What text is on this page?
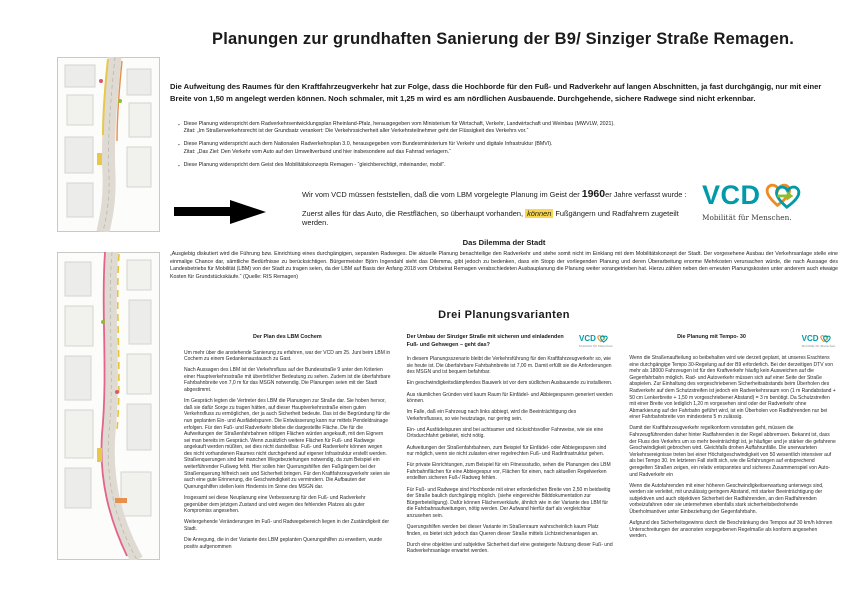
Planungen zur grundhaften Sanierung der B9/ Sinziger Straße Remagen.

Die Aufweitung des Raumes für den Kraftfahrzeugverkehr hat zur Folge, dass die Hochborde für den Fuß- und Radverkehr auf langen Abschnitten, ja fast durchgängig, nur mit einer Breite von 1,50 m angelegt werden können. Noch schmaler, mit 1,25 m wird es am nördlichen Ausbauende. Durchgehende, sichere Radwege sind nicht erkennbar.

▪ Diese Planung widerspricht dem Radverkehrsentwicklungsplan Rheinland-Pfalz, herausgegeben vom Ministerium für Wirtschaft, Verkehr, Landwirtschaft und Weinbau (MWVLW, 2021).
Zitat: „Im Straßenverkehrsrecht ist der Grundsatz verankert: Die Verkehrssicherheit aller Verkehrsteilnehmer geht der Flüssigkeit des Verkehrs vor.“
▪ Diese Planung widerspricht auch dem Nationalen Radverkehrsplan 3.0, herausgegeben vom Bundesministerium für Verkehr und digitale Infrastruktur (BMVI).
Zitat: „Das Ziel: Den Verkehr vom Auto auf den Umweltverbund und hier insbesondere auf das Fahrrad verlagern.“
▪ Diese Planung widerspricht dem Geist des Mobilitätskonzepts Remagen - “gleichberechtigt, miteinander, mobil”.
Wir vom VCD müssen feststellen, daß die vom LBM vorgelegte Planung im Geist der 1960er Jahre verfasst wurde :
Zuerst alles für das Auto, die Restflächen, so überhaupt vorhanden, können Fußgängern und Radfahrern zugeteilt werden.
VCD
Mobilität für Menschen.
Das Dilemma der Stadt

„Ausgiebig diskutiert wird die Führung bzw. Einrichtung eines durchgängigen, separaten Radweges. Die aktuelle Planung benachteilige den Radverkehr und stehe somit nicht im Einklang mit dem Mobilitätskonzept der Stadt. Der vorgesehene Ausbau der Verkehrsanlage stelle eine einmalige Chance dar, sämtliche Bedürfnisse zu berücksichtigen. Bürgermeister Björn Ingendahl sieht das Dilemma, gibt jedoch zu bedenken, dass ein Stopp der vorliegenden Planung und deren Überarbeitung enorme Mehrkosten verursachen würde, die nach Aussage des Landesbetriebs für Mobilität (LBM) von der Stadt zu tragen seien, da der LBM auf Basis der Anfang 2018 vom Ortsbeirat Remagen verabschiedeten Ausbauplanung die Planung weiter vorangetrieben hat. Hierzu zählen neben den erneuten Planungskosten unter anderem auch etwaige Kosten für Grundstückskäufe.“ (Quelle: RIS Remagen)

Drei Planungsvarianten
Der Plan des LBM Cochem

Um mehr über die anstehende Sanierung zu erfahren, war der VCD am 25. Juni beim LBM in Cochem zu einem Gedankenaustausch zu Gast.

Nach Aussagen des LBM ist der Verkehrsfluss auf der Bundesstraße 9 unter den Kriterien einer Hauptverkehrsstraße mit überörtlicher Bedeutung zu sehen. Zudem ist die überfahrbare Fahrbahnbreite von 7,0 m für das MSGN notwendig. Die Planungen seien mit der Stadt abgestimmt.

Im Gespräch legten die Vertreter des LBM die Planungen zur Straße dar. Sie hoben hervor, daß sie dafür Sorge zu tragen hätten, auf dieser Hauptverkehrsstraße einen guten Verkehrsfluss zu ermöglichen, der ja auch Sicherheit bedeute. Das ist die Begründung für die nun geplanten Ein- und Ausfädelspuren. Die Entwässerung kann nur mittels Pendeldrainage erfolgen. Für den Fuß- und Radverkehr bliebe die dargestellte Fläche. Die für die Aufweitungen der Straßenfahrbahnen nötigen Flächen würden angekauft, mit den Eignern sei man bereits im Gespräch. Wenn zusätzlich weitere Flächen für Fuß- und Radwege angekauft werden müßten, sei dies nicht darstellbar. Fuß- und Radverkehr können wegen des nicht vorhandenen Raumes nicht durchgehend auf eigener Infrastruktur erstellt werden. Straßenquerungen sind bei manchen Wegebeziehungen notwendig, da zum Beispiel ein weiterführender Fußweg fehlt. Hier sollen hier Querungshilfen den Fußgängern bei der Straßenquerung hilfreich sein und Sicherheit bringen. Für den Kraftfahrzeugverkehr seien sie auch eine gute Erinnerung, die Geschwindigkeit zu vermindern. Die Aufbauten der Querungshilfen stellen kein Hindernis im Sinne des MSGN dar.

Insgesamt sei diese Neuplanung eine Verbesserung für den Fuß- und Radverkehr gegenüber dem jetzigen Zustand und wird wegen des fehlenden Platzes als guter Kompromiss angesehen.

Weitergehende Veränderungen im Fuß- und Radwegebereich liegen in der Zuständigkeit der Stadt.

Die Anregung, die in der Variante des LBM geplanten Querungshilfen zu erweitern, wurde positiv aufgenommen

Der Umbau der Sinziger Straße mit sicheren und einladenden Fuß- und Gehwegen – geht das?
VCD
Mobilität für Menschen.

In diesem Planungsszenario bleibt die Verkehrsführung für den Kraftfahrzeugverkehr so, wie sie heute ist. Die überfahrbare Fahrbahnbreite ist 7,00 m. Damit erfüllt sie die Anforderungen des MSGN und ist bequem befahrbar.

Ein geschwindigkeitsdämpfendes Bauwerk ist vor dem südlichen Ausbauende zu installieren.

Aus räumlichen Gründen wird kaum Raum für Einfädel- und Abbiegespuren generiert werden können.

Im Falle, daß ein Fahrzeug nach links abbiegt, wird die Beeinträchtigung des Verkehrsflusses, so wie heutzutage, nur gering sein.

Ein- und Ausfädelspuren sind bei achtsamer und rücksichtsvoller Fahrweise, wie sie eine Ortsdurchfahrt gebietet, nicht nötig.

Aufweitungen der Straßenfahrbahnen, zum Beispiel für Einfädel- oder Abbiegespuren sind nur möglich, wenn sie nicht zulasten einer regelrechten Fuß- und Radinfrastruktur gehen.

Für private Einrichtungen, zum Beispiel für ein Fitnessstudio, sehen die Planungen des LBM Fahrbahnflächen für eine Abbiegespur vor, Flächen für einen, nach aktuellen Regelwerken erstellten sicheren Fuß-/ Radweg fehlen.

Für Fuß- und Radwege sind Hochborde mit einer erforderlichen Breite von 2,50 m beidseitig der Straße baulich durchgängig möglich. (siehe eingereichte Bilddokumentation zur Bürgerbeteiligung). Dafür können Flächenverkäufe, ähnlich wie in der Variante des LBM für die Fahrbahnaufweitungen, nötig werden. Der Aufwand hierfür darf als vergleichbar anzusehen sein.

Querungshilfen werden bei dieser Variante im Straßenraum wahrscheinlich kaum Platz finden, es bietet sich jedoch das Queren dieser Straße mittels Lichtzeichenanlagen an.

Durch eine objektive und subjektive Sicherheit darf eine gesteigerte Nutzung dieser Fuß- und Radverkehrsanlage erwartet werden.

Die Planung mit Tempo- 30	VCD
Mobilität für Menschen.

Wenn die Straßenaufteilung so beibehalten wird wie derzeit geplant, ist unseres Erachtens eine durchgängige Tempo 30-Regelung auf der B9 erforderlich. Bei der derzeitigen DTV von mehr als 18000 Fahrzeugen ist für den Kraftverkehr häufig kein Ausweichen auf die Gegenfahrbahn möglich. Rad- und Autoverkehr müssen sich auf einer Seite der Straße abspielen. Zur Einhaltung des vorgeschriebenen Sicherheitsabstands beim Überholen des Radverkehr auf dem Schutzstreifen ist jedoch ein Radverkehrsraum von (1 m Randabstand + 50 cm Lenkerbreite + 1,50 m vorgeschriebener Abstand) = 3 m benötigt. Da Schutzstreifen mit einer Breite von lediglich 1,20 m vorgesehen sind oder der Radverkehr ohne Abmarkierung auf der Fahrbahn geführt wird, ist ein Überholen von Radfahrenden nur bei einer Fahrbahnbreite von mindestens 5 m zulässig.

Damit der Kraftfahrzeugverkehr regelkonform vonstatten geht, müssen die Fahrzeugführenden daher hinter Radfahrenden in der Regel abbremsen. Bekannt ist, dass der Fluss des Verkehrs um so mehr beeinträchtigt ist, je häufiger und je stärker die gefahrene Geschwindigkeit gebrochen wird. Gleichfalls drohen Auffahrunfälle. Die unerwarteten Verkehrsereignisse treten bei einer Höchstgeschwindigkeit von 50 wesentlich intensiver auf als bei Tempo 30. Im letzteren Fall stellt sich, wie die Erfahrungen auf entsprechend geregelten Straßen zeigen, ein relativ entspanntes und sicheres Zusammenspiel von Auto- und Radverkehr ein

Wenn die Autofahrenden mit einer höheren Geschwindigkeitserwartung unterwegs sind, werden sie verleitet, mit unzulässig geringem Abstand, mit starker Beeinträchtigung der subjektiven und auch objektiven Sicherheit der Radfahrenden, an den Radfahrenden vorbeizufahren oder sie unternehmen ebenfalls stark sicherheitsbedrohende Überholmanöver unter Einbeziehung der Gegenfahrbahn.

Aufgrund des Sicherheitsgewinns durch die Beschränkung des Tempos auf 30 km/h können Unterschreitungen der ansonsten vorgegebenen Regelmaße als konform angesehen werden.
